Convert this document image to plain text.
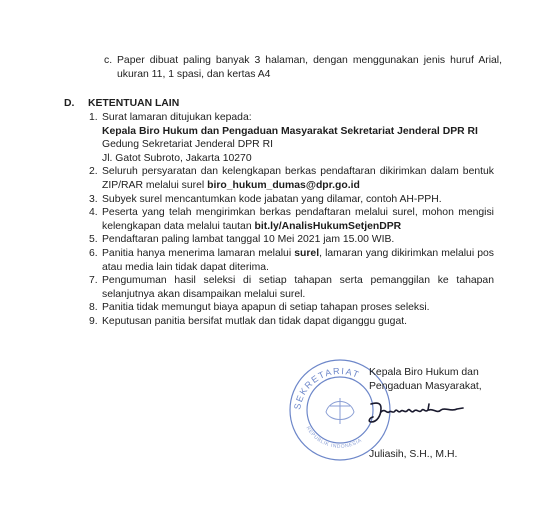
c. Paper dibuat paling banyak 3 halaman, dengan menggunakan jenis huruf Arial, ukuran 11, 1 spasi, dan kertas A4
D. KETENTUAN LAIN
1. Surat lamaran ditujukan kepada:
Kepala Biro Hukum dan Pengaduan Masyarakat Sekretariat Jenderal DPR RI
Gedung Sekretariat Jenderal DPR RI
Jl. Gatot Subroto, Jakarta 10270
2. Seluruh persyaratan dan kelengkapan berkas pendaftaran dikirimkan dalam bentuk ZIP/RAR melalui surel biro_hukum_dumas@dpr.go.id
3. Subyek surel mencantumkan kode jabatan yang dilamar, contoh AH-PPH.
4. Peserta yang telah mengirimkan berkas pendaftaran melalui surel, mohon mengisi kelengkapan data melalui tautan bit.ly/AnalisHukumSetjenDPR
5. Pendaftaran paling lambat tanggal 10 Mei 2021 jam 15.00 WIB.
6. Panitia hanya menerima lamaran melalui surel, lamaran yang dikirimkan melalui pos atau media lain tidak dapat diterima.
7. Pengumuman hasil seleksi di setiap tahapan serta pemanggilan ke tahapan selanjutnya akan disampaikan melalui surel.
8. Panitia tidak memungut biaya apapun di setiap tahapan proses seleksi.
9. Keputusan panitia bersifat mutlak dan tidak dapat diganggu gugat.
SEKRETARIAT
REPUBLIK INDONESIA
Kepala Biro Hukum dan
Pengaduan Masyarakat,
Juliasih, S.H., M.H.
